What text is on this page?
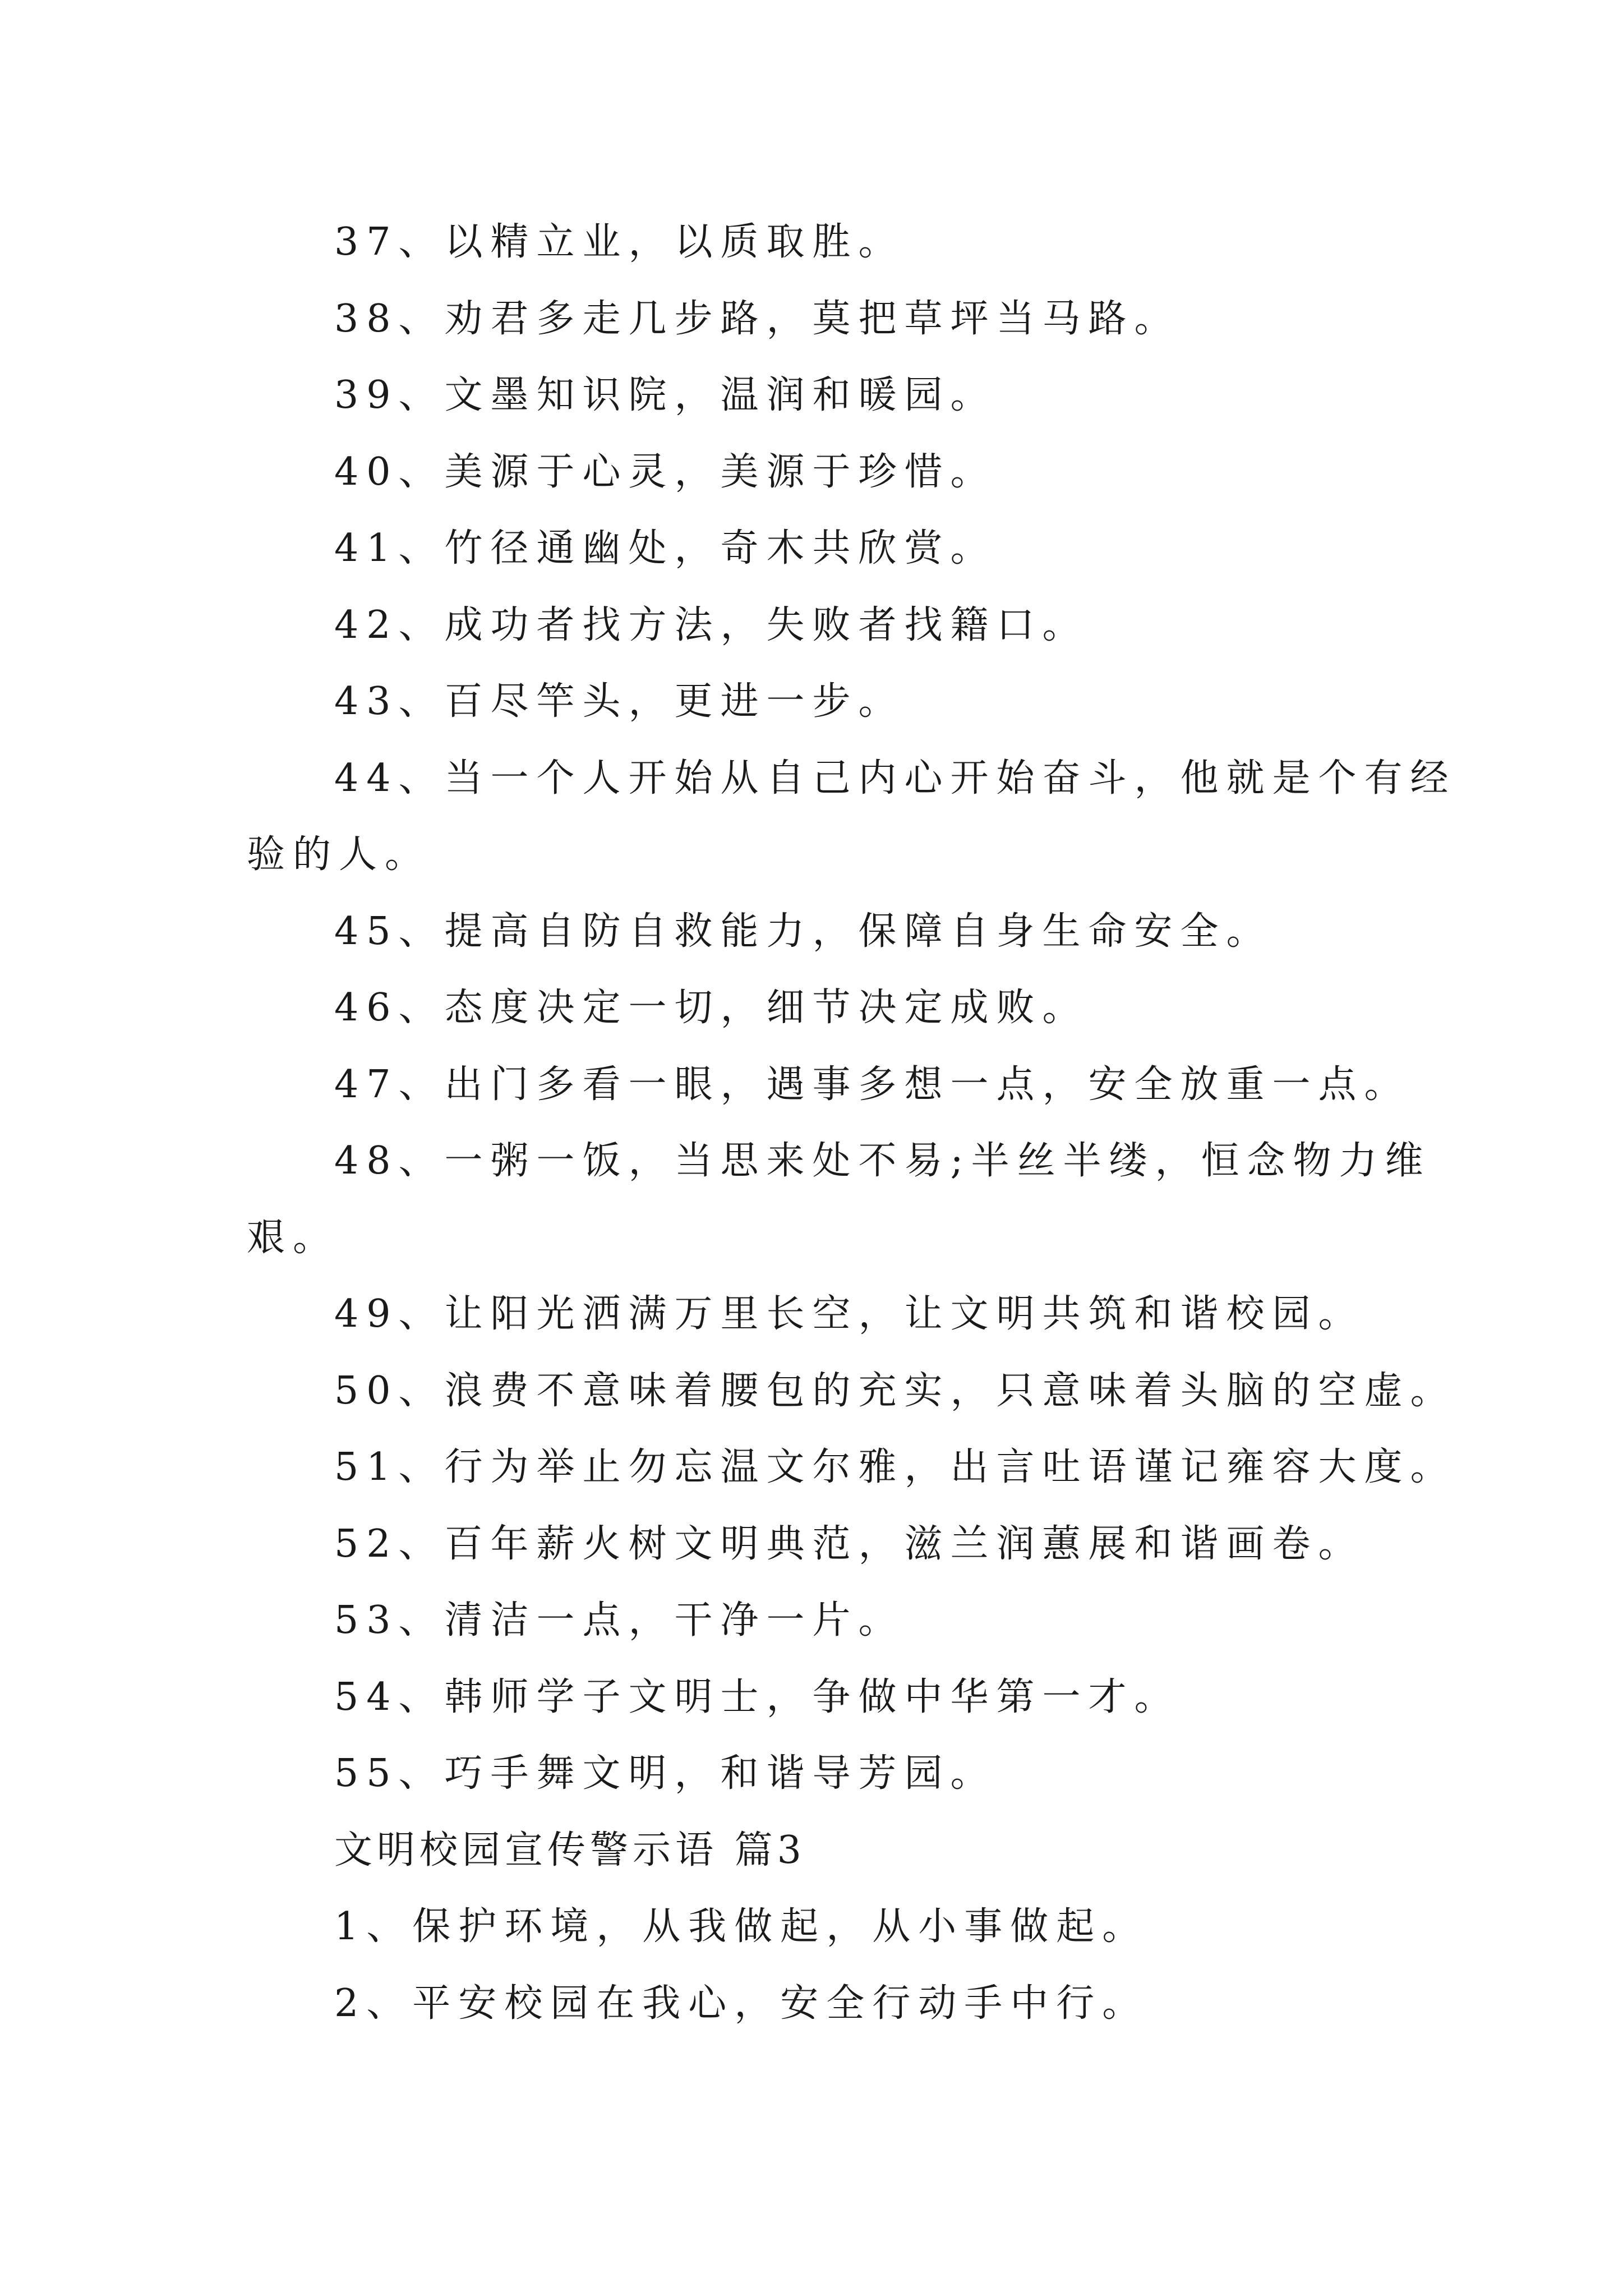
37、以精立业，以质取胜。
38、劝君多走几步路，莫把草坪当马路。
39、文墨知识院，温润和暖园。
40、美源于心灵，美源于珍惜。
41、竹径通幽处，奇木共欣赏。
42、成功者找方法，失败者找籍口。
43、百尽竿头，更进一步。
44、当一个人开始从自己内心开始奋斗，他就是个有经
验的人。
45、提高自防自救能力，保障自身生命安全。
46、态度决定一切，细节决定成败。
47、出门多看一眼，遇事多想一点，安全放重一点。
48、一粥一饭，当思来处不易;半丝半缕，恒念物力维
艰。
49、让阳光洒满万里长空，让文明共筑和谐校园。
50、浪费不意味着腰包的充实，只意味着头脑的空虚。
51、行为举止勿忘温文尔雅，出言吐语谨记雍容大度。
52、百年薪火树文明典范，滋兰润蕙展和谐画卷。
53、清洁一点，干净一片。
54、韩师学子文明士，争做中华第一才。
55、巧手舞文明，和谐导芳园。
文明校园宣传警示语 篇3
1、保护环境，从我做起，从小事做起。
2、平安校园在我心，安全行动手中行。
